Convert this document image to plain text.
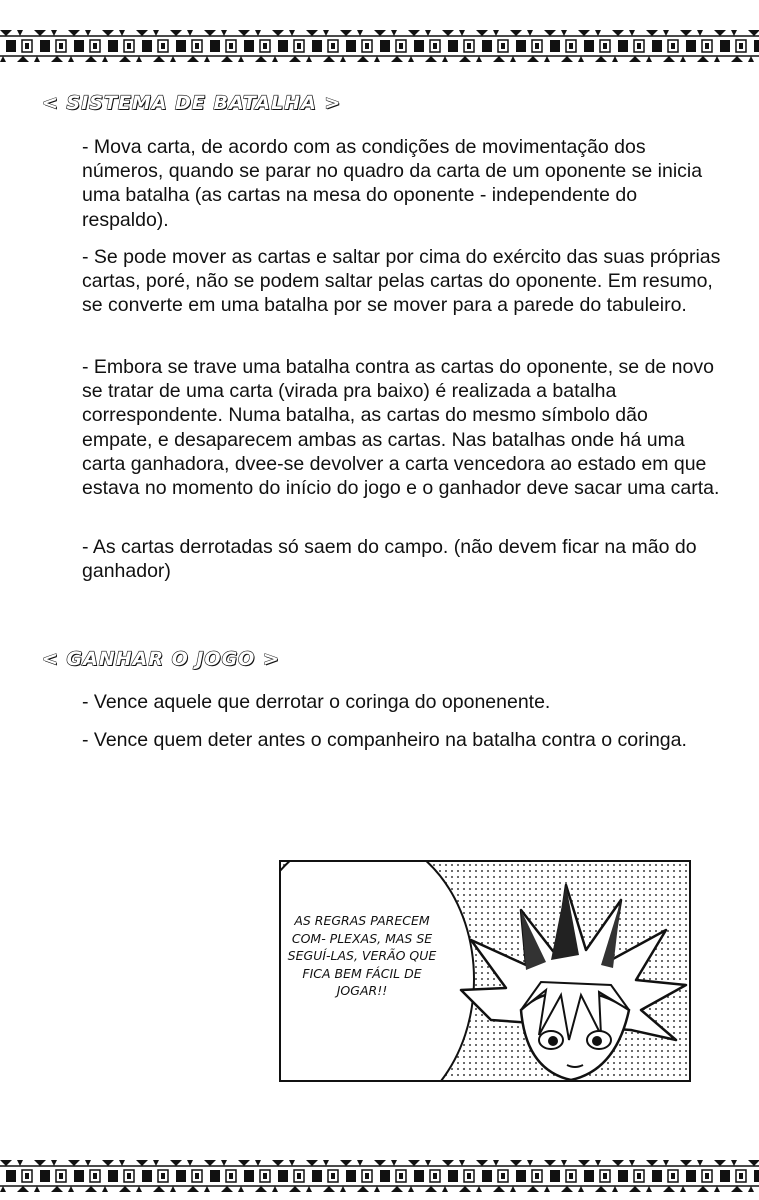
< SISTEMA DE BATALHA >

- Mova carta, de acordo com as condições de movimentação dos números, quando se parar no quadro da carta de um oponente se inicia uma batalha (as cartas na mesa do oponente - independente do respaldo).

- Se pode mover as cartas e saltar por cima do exército das suas próprias cartas, poré, não se podem saltar pelas cartas do oponente. Em resumo, se converte em uma batalha por se mover para a parede do tabuleiro.

- Embora se trave uma batalha contra as cartas do oponente, se de novo se tratar de uma carta (virada pra baixo) é realizada a batalha correspondente. Numa batalha, as cartas do mesmo símbolo dão empate, e desaparecem ambas as cartas. Nas batalhas onde há uma carta ganhadora, dvee-se devolver a carta vencedora ao estado em que estava no momento do início do jogo e o ganhador deve sacar uma carta.

- As cartas derrotadas só saem do campo. (não devem ficar na mão do ganhador)

< GANHAR O JOGO >

- Vence aquele que derrotar o coringa do oponenente.

- Vence quem deter antes o companheiro na batalha contra o coringa.

AS REGRAS PARECEM COM- PLEXAS, MAS SE SEGUÍ-LAS, VERÃO QUE FICA BEM FÁCIL DE JOGAR!!
